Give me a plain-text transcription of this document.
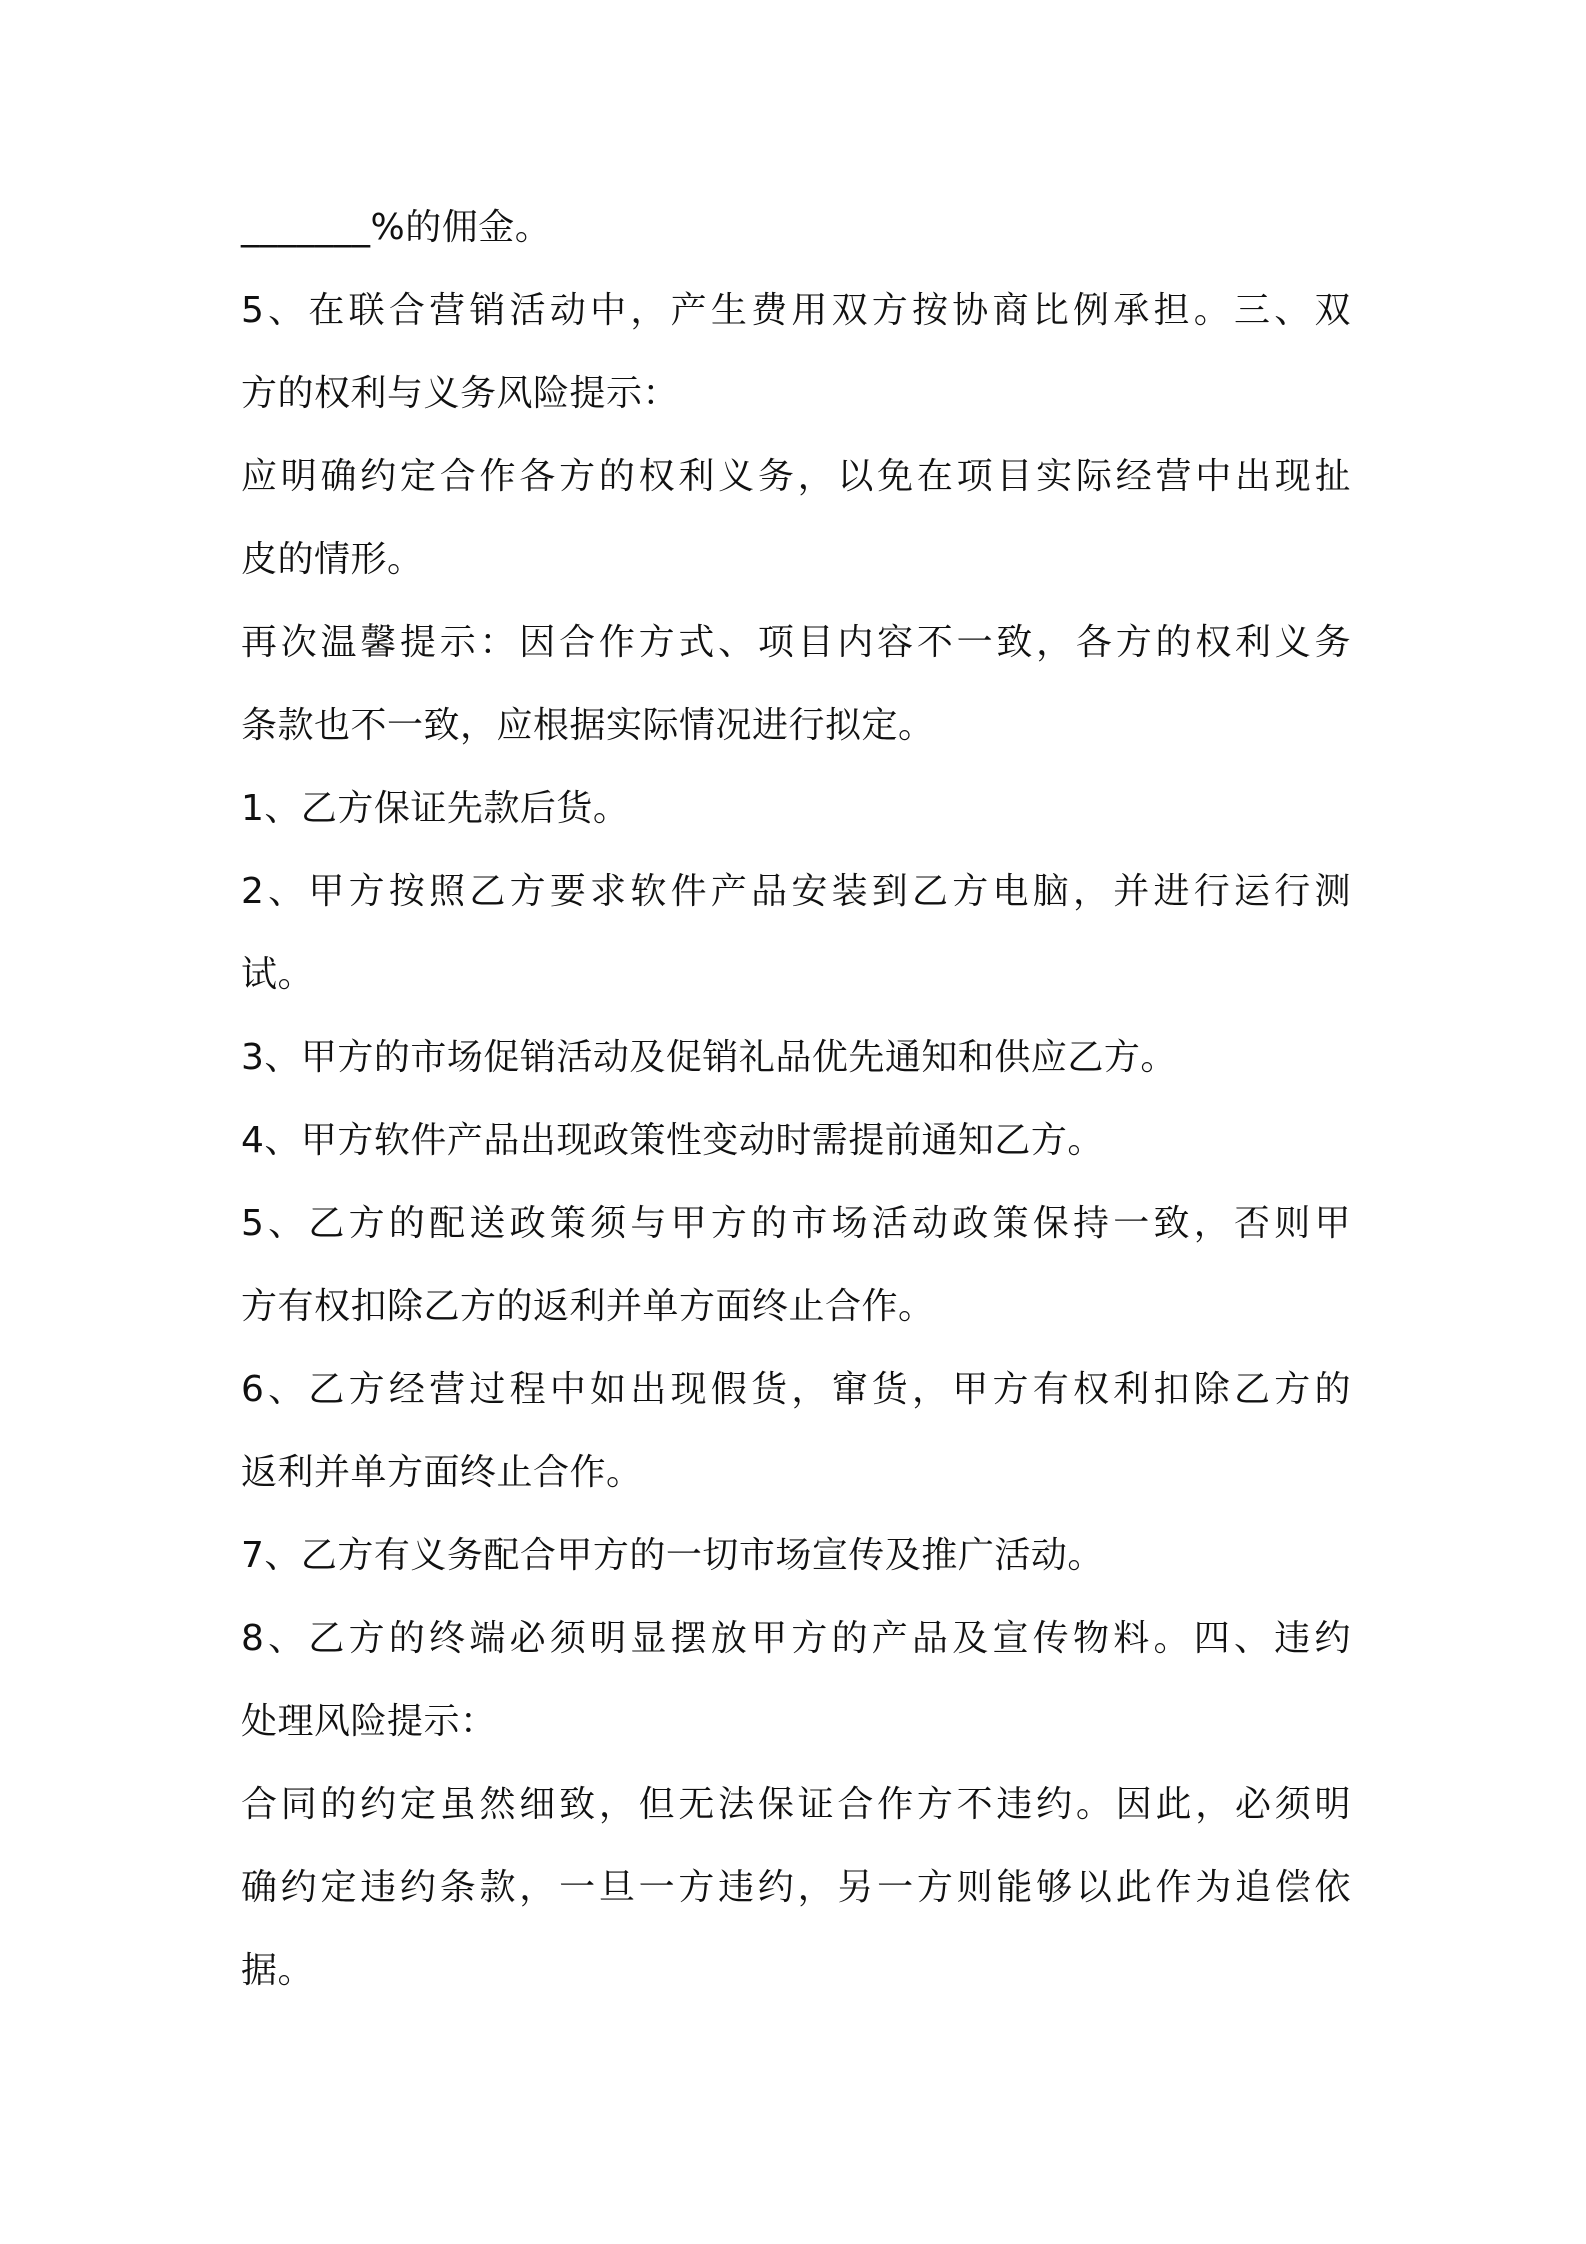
_______%的佣金。

5、在联合营销活动中，产生费用双方按协商比例承担。三、双

方的权利与义务风险提示：

应明确约定合作各方的权利义务，以免在项目实际经营中出现扯

皮的情形。

再次温馨提示：因合作方式、项目内容不一致，各方的权利义务

条款也不一致，应根据实际情况进行拟定。

1、乙方保证先款后货。

2、甲方按照乙方要求软件产品安装到乙方电脑，并进行运行测

试。

3、甲方的市场促销活动及促销礼品优先通知和供应乙方。

4、甲方软件产品出现政策性变动时需提前通知乙方。

5、乙方的配送政策须与甲方的市场活动政策保持一致，否则甲

方有权扣除乙方的返利并单方面终止合作。

6、乙方经营过程中如出现假货，窜货，甲方有权利扣除乙方的

返利并单方面终止合作。

7、乙方有义务配合甲方的一切市场宣传及推广活动。

8、乙方的终端必须明显摆放甲方的产品及宣传物料。四、违约

处理风险提示：

合同的约定虽然细致，但无法保证合作方不违约。因此，必须明

确约定违约条款，一旦一方违约，另一方则能够以此作为追偿依

据。
